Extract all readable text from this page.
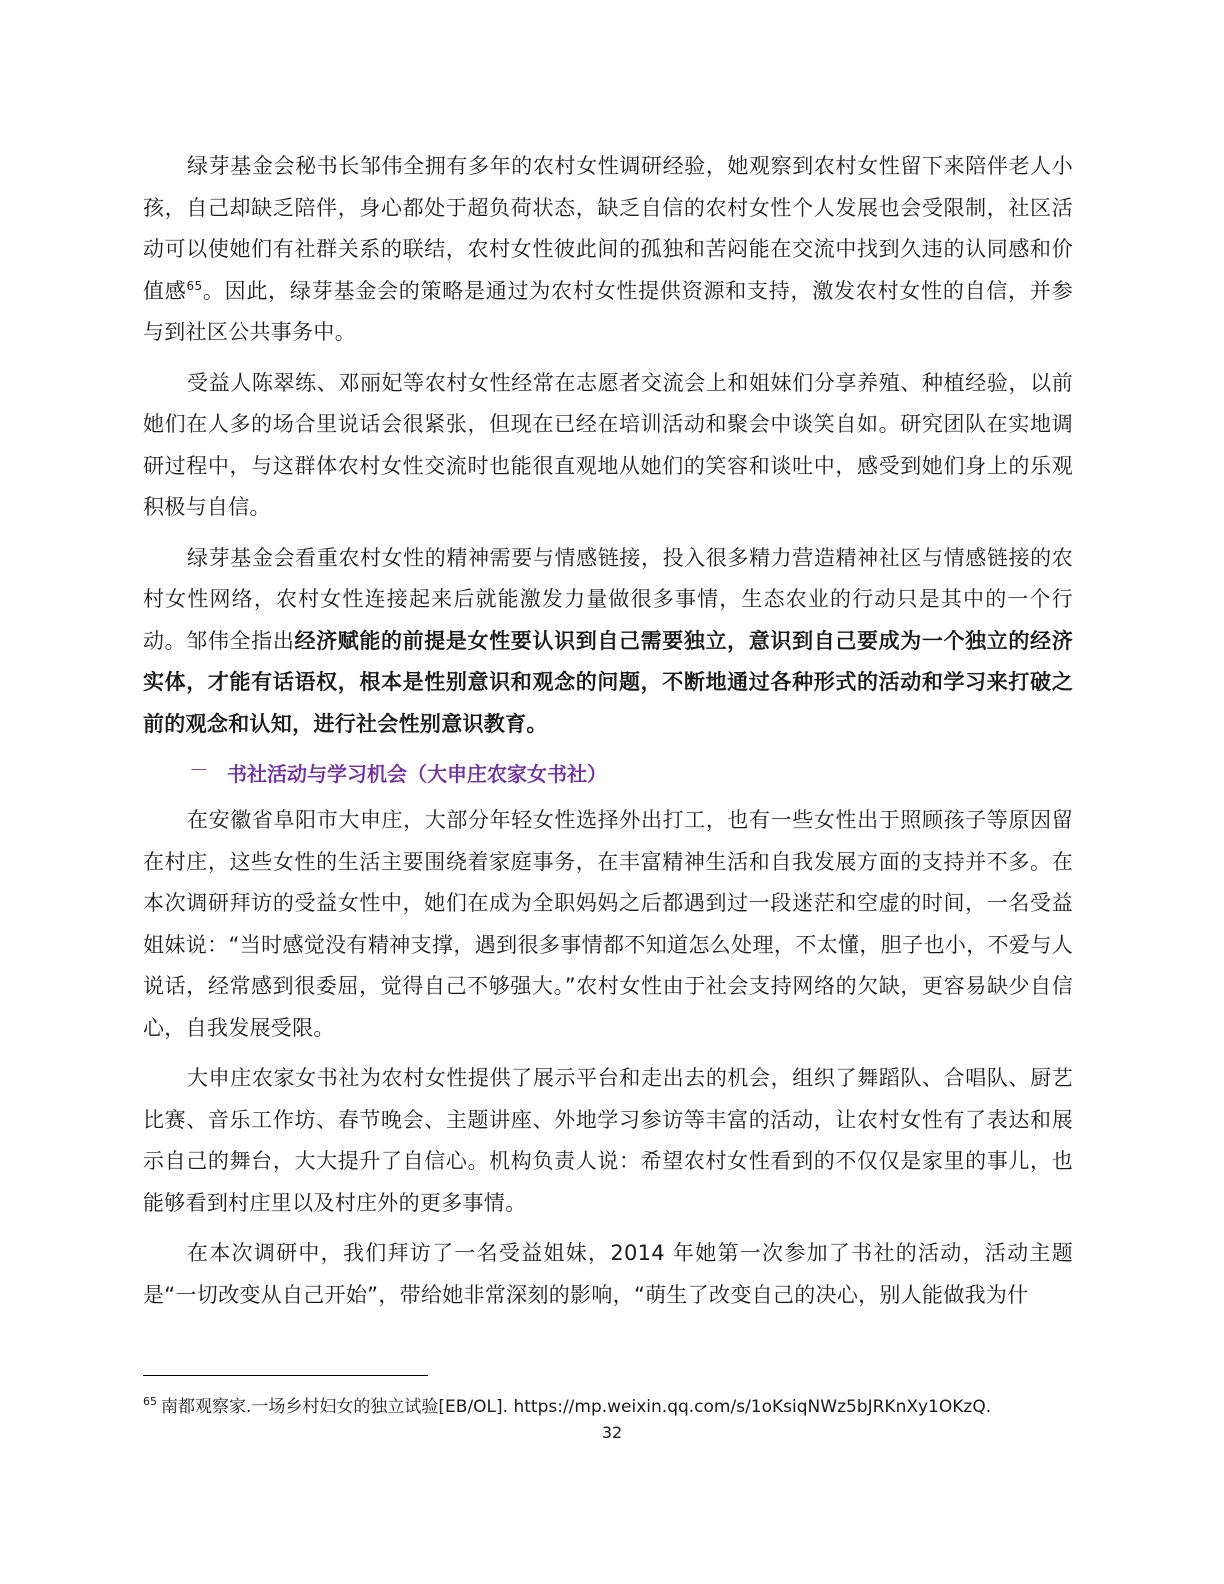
绿芽基金会秘书长邹伟全拥有多年的农村女性调研经验，她观察到农村女性留下来陪伴老人小孩，自己却缺乏陪伴，身心都处于超负荷状态，缺乏自信的农村女性个人发展也会受限制，社区活动可以使她们有社群关系的联结，农村女性彼此间的孤独和苦闷能在交流中找到久违的认同感和价值感$^{65}$。因此，绿芽基金会的策略是通过为农村女性提供资源和支持，激发农村女性的自信，并参与到社区公共事务中。

受益人陈翠练、邓丽妃等农村女性经常在志愿者交流会上和姐妹们分享养殖、种植经验，以前她们在人多的场合里说话会很紧张，但现在已经在培训活动和聚会中谈笑自如。研究团队在实地调研过程中，与这群体农村女性交流时也能很直观地从她们的笑容和谈吐中，感受到她们身上的乐观积极与自信。

绿芽基金会看重农村女性的精神需要与情感链接，投入很多精力营造精神社区与情感链接的农村女性网络，农村女性连接起来后就能激发力量做很多事情，生态农业的行动只是其中的一个行动。邹伟全指出经济赋能的前提是女性要认识到自己需要独立，意识到自己要成为一个独立的经济实体，才能有话语权，根本是性别意识和观念的问题，不断地通过各种形式的活动和学习来打破之前的观念和认知，进行社会性别意识教育。

－ 书社活动与学习机会（大申庄农家女书社）

在安徽省阜阳市大申庄，大部分年轻女性选择外出打工，也有一些女性出于照顾孩子等原因留在村庄，这些女性的生活主要围绕着家庭事务，在丰富精神生活和自我发展方面的支持并不多。在本次调研拜访的受益女性中，她们在成为全职妈妈之后都遇到过一段迷茫和空虚的时间，一名受益姐妹说：“当时感觉没有精神支撑，遇到很多事情都不知道怎么处理，不太懂，胆子也小，不爱与人说话，经常感到很委屈，觉得自己不够强大。”农村女性由于社会支持网络的欠缺，更容易缺少自信心，自我发展受限。

大申庄农家女书社为农村女性提供了展示平台和走出去的机会，组织了舞蹈队、合唱队、厨艺比赛、音乐工作坊、春节晚会、主题讲座、外地学习参访等丰富的活动，让农村女性有了表达和展示自己的舞台，大大提升了自信心。机构负责人说：希望农村女性看到的不仅仅是家里的事儿，也能够看到村庄里以及村庄外的更多事情。

在本次调研中，我们拜访了一名受益姐妹，2014 年她第一次参加了书社的活动，活动主题是“一切改变从自己开始”，带给她非常深刻的影响，“萌生了改变自己的决心，别人能做我为什

$^{65}$ 南都观察家.一场乡村妇女的独立试验[EB/OL]. https://mp.weixin.qq.com/s/1oKsiqNWz5bJRKnXy1OKzQ.
32
